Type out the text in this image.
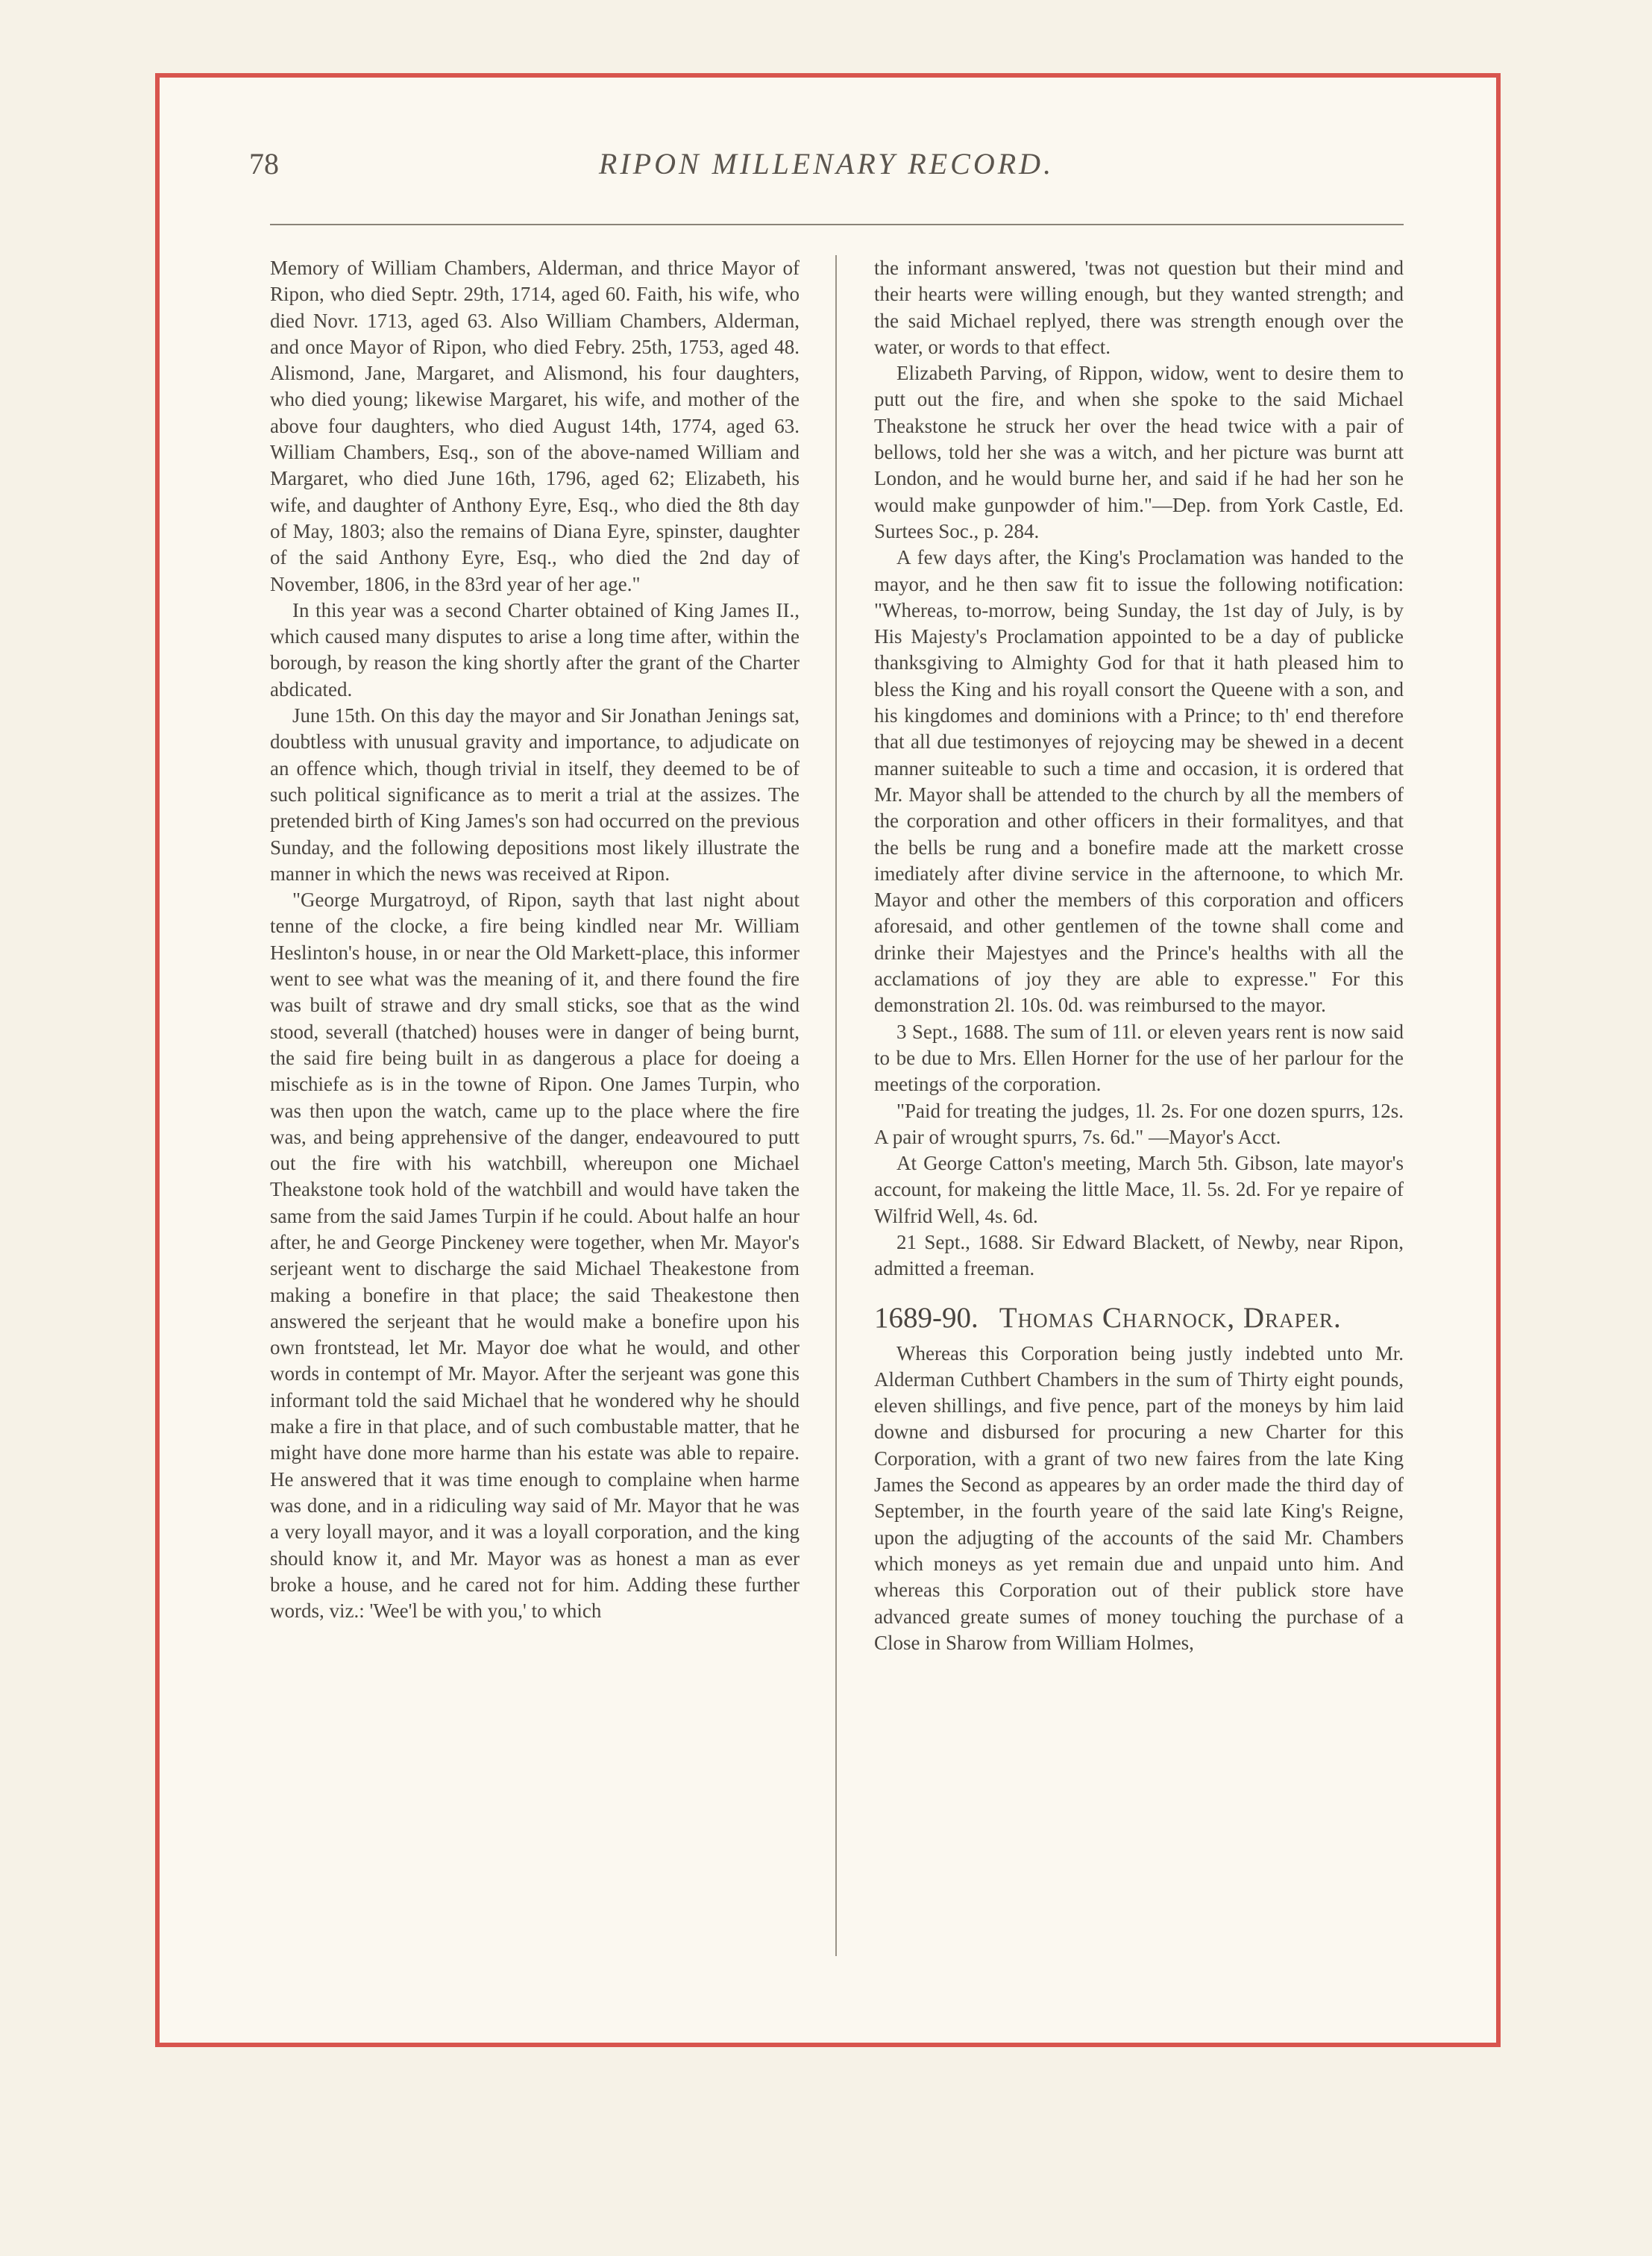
78	RIPON MILLENARY RECORD.

Memory of William Chambers, Alderman, and thrice Mayor of Ripon, who died Septr. 29th, 1714, aged 60. Faith, his wife, who died Novr. 1713, aged 63. Also William Chambers, Alderman, and once Mayor of Ripon, who died Febry. 25th, 1753, aged 48. Alismond, Jane, Margaret, and Alismond, his four daughters, who died young; likewise Margaret, his wife, and mother of the above four daughters, who died August 14th, 1774, aged 63. William Chambers, Esq., son of the above-named William and Margaret, who died June 16th, 1796, aged 62; Elizabeth, his wife, and daughter of Anthony Eyre, Esq., who died the 8th day of May, 1803; also the remains of Diana Eyre, spinster, daughter of the said Anthony Eyre, Esq., who died the 2nd day of November, 1806, in the 83rd year of her age."

In this year was a second Charter obtained of King James II., which caused many disputes to arise a long time after, within the borough, by reason the king shortly after the grant of the Charter abdicated.

June 15th. On this day the mayor and Sir Jonathan Jenings sat, doubtless with unusual gravity and importance, to adjudicate on an offence which, though trivial in itself, they deemed to be of such political significance as to merit a trial at the assizes. The pretended birth of King James's son had occurred on the previous Sunday, and the following depositions most likely illustrate the manner in which the news was received at Ripon.

"George Murgatroyd, of Ripon, sayth that last night about tenne of the clocke, a fire being kindled near Mr. William Heslinton's house, in or near the Old Markett-place, this informer went to see what was the meaning of it, and there found the fire was built of strawe and dry small sticks, soe that as the wind stood, severall (thatched) houses were in danger of being burnt, the said fire being built in as dangerous a place for doeing a mischiefe as is in the towne of Ripon. One James Turpin, who was then upon the watch, came up to the place where the fire was, and being apprehensive of the danger, endeavoured to putt out the fire with his watchbill, whereupon one Michael Theakstone took hold of the watchbill and would have taken the same from the said James Turpin if he could. About halfe an hour after, he and George Pinckeney were together, when Mr. Mayor's serjeant went to discharge the said Michael Theakestone from making a bonefire in that place; the said Theakestone then answered the serjeant that he would make a bonefire upon his own frontstead, let Mr. Mayor doe what he would, and other words in contempt of Mr. Mayor. After the serjeant was gone this informant told the said Michael that he wondered why he should make a fire in that place, and of such combustable matter, that he might have done more harme than his estate was able to repaire. He answered that it was time enough to complaine when harme was done, and in a ridiculing way said of Mr. Mayor that he was a very loyall mayor, and it was a loyall corporation, and the king should know it, and Mr. Mayor was as honest a man as ever broke a house, and he cared not for him. Adding these further words, viz.: 'Wee'l be with you,' to which

the informant answered, 'twas not question but their mind and their hearts were willing enough, but they wanted strength; and the said Michael replyed, there was strength enough over the water, or words to that effect.

Elizabeth Parving, of Rippon, widow, went to desire them to putt out the fire, and when she spoke to the said Michael Theakstone he struck her over the head twice with a pair of bellows, told her she was a witch, and her picture was burnt att London, and he would burne her, and said if he had her son he would make gunpowder of him."—Dep. from York Castle, Ed. Surtees Soc., p. 284.

A few days after, the King's Proclamation was handed to the mayor, and he then saw fit to issue the following notification: "Whereas, to-morrow, being Sunday, the 1st day of July, is by His Majesty's Proclamation appointed to be a day of publicke thanksgiving to Almighty God for that it hath pleased him to bless the King and his royall consort the Queene with a son, and his kingdomes and dominions with a Prince; to th' end therefore that all due testimonyes of rejoycing may be shewed in a decent manner suiteable to such a time and occasion, it is ordered that Mr. Mayor shall be attended to the church by all the members of the corporation and other officers in their formalityes, and that the bells be rung and a bonefire made att the markett crosse imediately after divine service in the afternoone, to which Mr. Mayor and other the members of this corporation and officers aforesaid, and other gentlemen of the towne shall come and drinke their Majestyes and the Prince's healths with all the acclamations of joy they are able to expresse." For this demonstration 2l. 10s. 0d. was reimbursed to the mayor.

3 Sept., 1688. The sum of 11l. or eleven years rent is now said to be due to Mrs. Ellen Horner for the use of her parlour for the meetings of the corporation.

"Paid for treating the judges, 1l. 2s. For one dozen spurrs, 12s. A pair of wrought spurrs, 7s. 6d." —Mayor's Acct.

At George Catton's meeting, March 5th. Gibson, late mayor's account, for makeing the little Mace, 1l. 5s. 2d. For ye repaire of Wilfrid Well, 4s. 6d.

21 Sept., 1688. Sir Edward Blackett, of Newby, near Ripon, admitted a freeman.

1689-90. Thomas Charnock, Draper.

Whereas this Corporation being justly indebted unto Mr. Alderman Cuthbert Chambers in the sum of Thirty eight pounds, eleven shillings, and five pence, part of the moneys by him laid downe and disbursed for procuring a new Charter for this Corporation, with a grant of two new faires from the late King James the Second as appeares by an order made the third day of September, in the fourth yeare of the said late King's Reigne, upon the adjugting of the accounts of the said Mr. Chambers which moneys as yet remain due and unpaid unto him. And whereas this Corporation out of their publick store have advanced greate sumes of money touching the purchase of a Close in Sharow from William Holmes,
